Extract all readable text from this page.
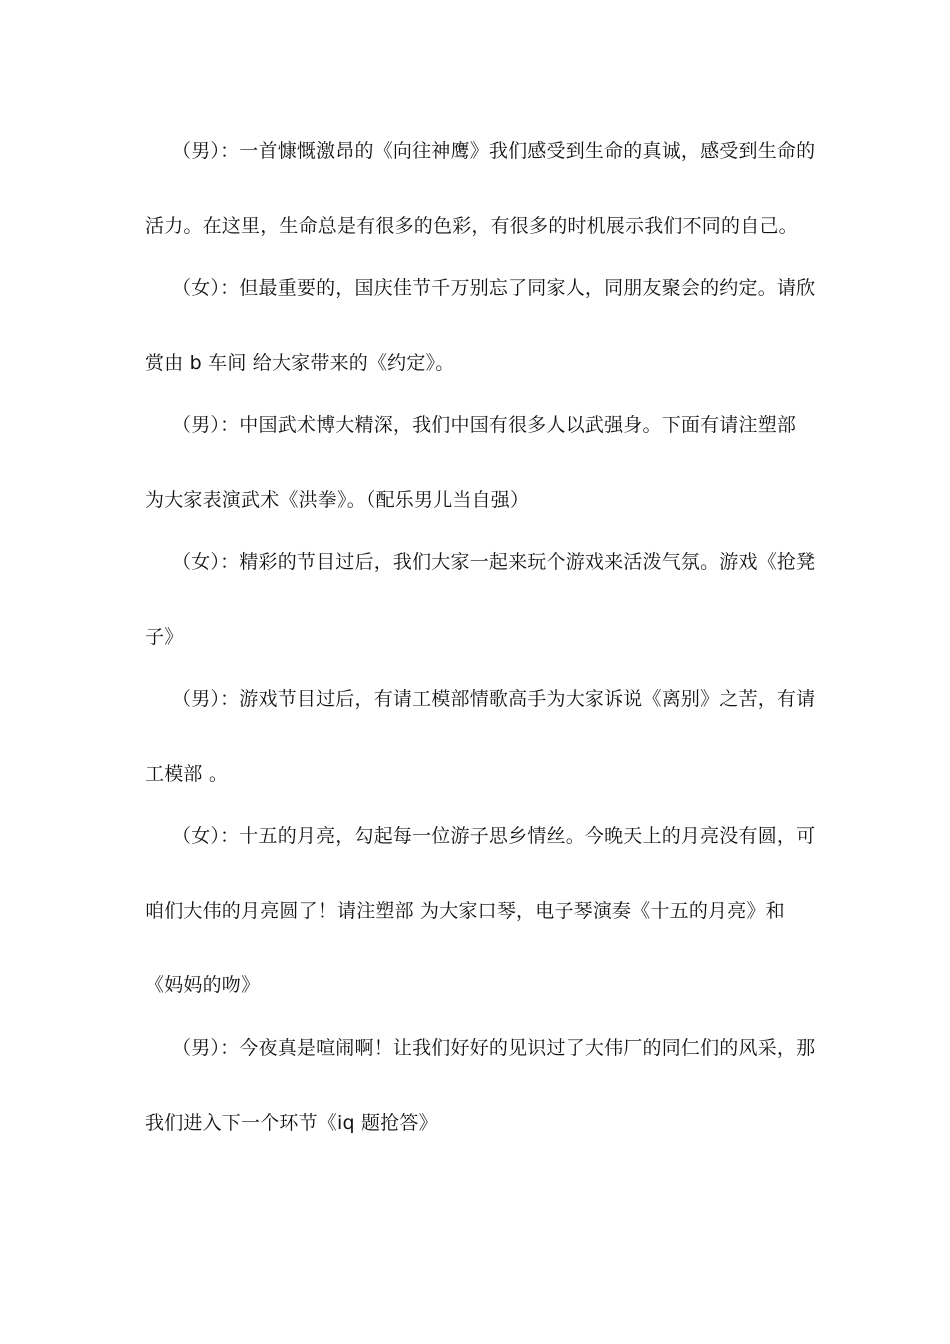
（男）：一首慷慨激昂的《向往神鹰》我们感受到生命的真诚，感受到生命的
活力。在这里，生命总是有很多的色彩，有很多的时机展示我们不同的自己。
（女）：但最重要的，国庆佳节千万别忘了同家人，同朋友聚会的约定。请欣
赏由 b 车间 给大家带来的《约定》。
（男）：中国武术博大精深，我们中国有很多人以武强身。下面有请注塑部
为大家表演武术《洪拳》。（配乐男儿当自强）
（女）：精彩的节目过后，我们大家一起来玩个游戏来活泼气氛。游戏《抢凳
子》
（男）：游戏节目过后，有请工模部情歌高手为大家诉说《离别》之苦，有请
工模部 。
（女）：十五的月亮，勾起每一位游子思乡情丝。今晚天上的月亮没有圆，可
咱们大伟的月亮圆了！请注塑部 为大家口琴，电子琴演奏《十五的月亮》和
《妈妈的吻》
（男）：今夜真是喧闹啊！让我们好好的见识过了大伟厂的同仁们的风采，那
我们进入下一个环节《iq 题抢答》
